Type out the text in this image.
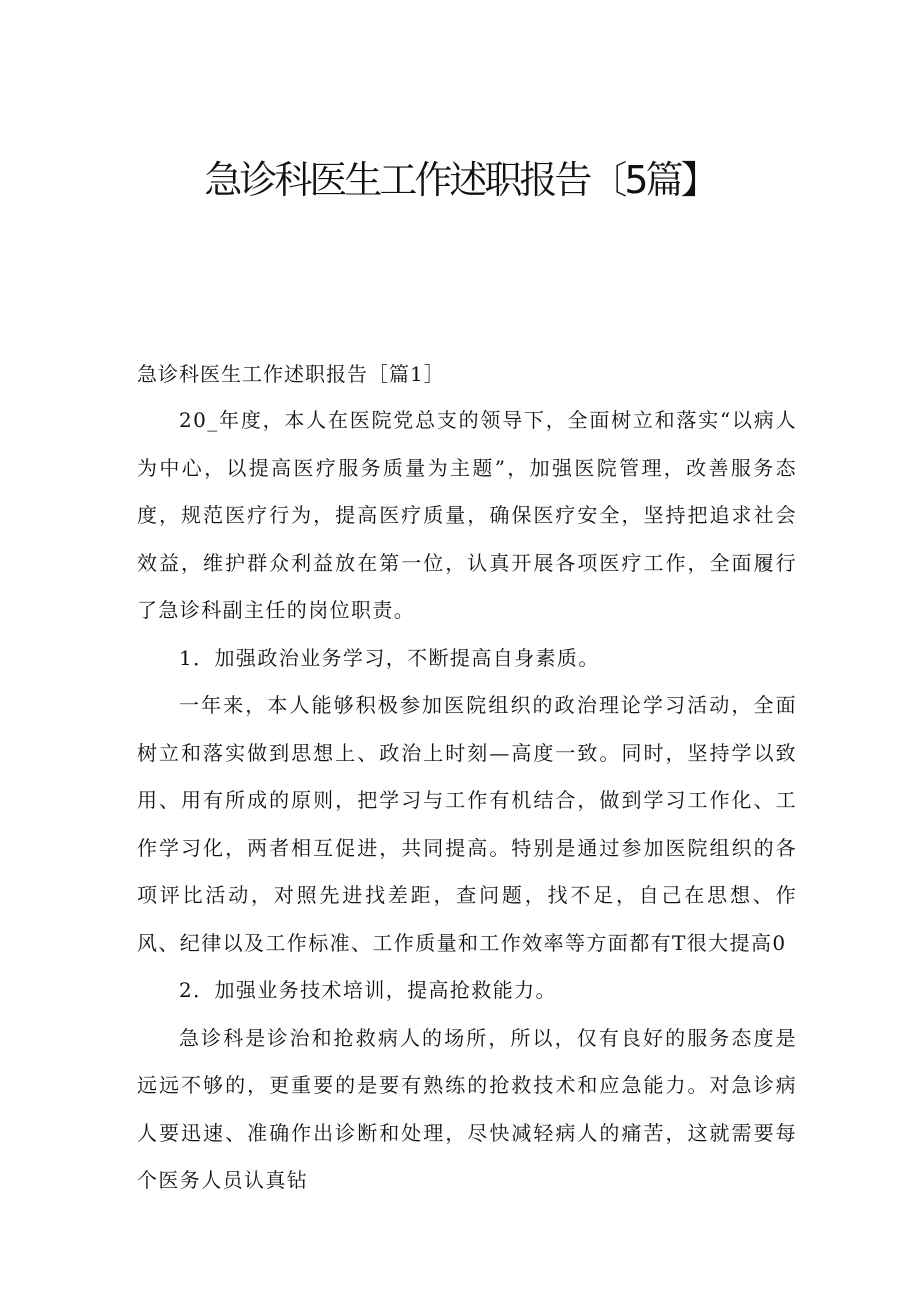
急诊科医生工作述职报告〔5篇】

急诊科医生工作述职报告［篇1］

20_年度，本人在医院党总支的领导下，全面树立和落实“以病人为中心，以提高医疗服务质量为主题”，加强医院管理，改善服务态度，规范医疗行为，提高医疗质量，确保医疗安全，坚持把追求社会效益，维护群众利益放在第一位，认真开展各项医疗工作，全面履行了急诊科副主任的岗位职责。

1．加强政治业务学习，不断提高自身素质。

一年来，本人能够积极参加医院组织的政治理论学习活动，全面树立和落实做到思想上、政治上时刻—高度一致。同时，坚持学以致用、用有所成的原则，把学习与工作有机结合，做到学习工作化、工作学习化，两者相互促进，共同提高。特别是通过参加医院组织的各项评比活动，对照先进找差距，查问题，找不足，自己在思想、作风、纪律以及工作标准、工作质量和工作效率等方面都有T很大提高0

2．加强业务技术培训，提高抢救能力。

急诊科是诊治和抢救病人的场所，所以，仅有良好的服务态度是远远不够的，更重要的是要有熟练的抢救技术和应急能力。对急诊病人要迅速、准确作出诊断和处理，尽快减轻病人的痛苦，这就需要每个医务人员认真钻
